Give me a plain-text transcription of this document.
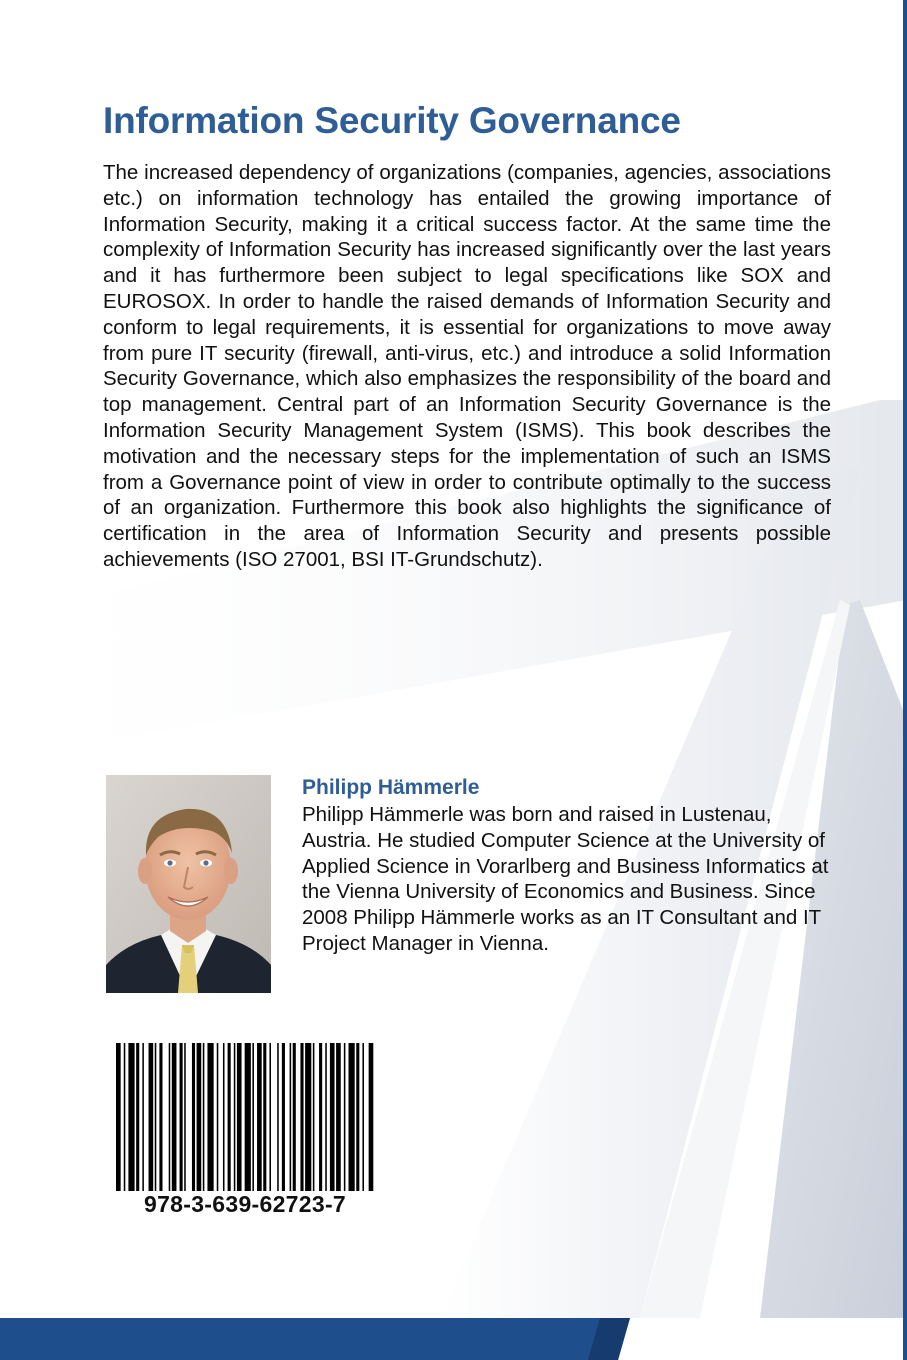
Information Security Governance

The increased dependency of organizations (companies, agencies, associations etc.) on information technology has entailed the growing importance of Information Security, making it a critical success factor. At the same time the complexity of Information Security has increased significantly over the last years and it has furthermore been subject to legal specifications like SOX and EUROSOX. In order to handle the raised demands of Information Security and conform to legal requirements, it is essential for organizations to move away from pure IT security (firewall, anti-virus, etc.) and introduce a solid Information Security Governance, which also emphasizes the responsibility of the board and top management. Central part of an Information Security Governance is the Information Security Management System (ISMS). This book describes the motivation and the necessary steps for the implementation of such an ISMS from a Governance point of view in order to contribute optimally to the success of an organization. Furthermore this book also highlights the significance of certification in the area of Information Security and presents possible achievements (ISO 27001, BSI IT-Grundschutz).

Philipp Hämmerle

Philipp Hämmerle was born and raised in Lustenau, Austria. He studied Computer Science at the University of Applied Science in Vorarlberg and Business Informatics at the Vienna University of Economics and Business. Since 2008 Philipp Hämmerle works as an IT Consultant and IT Project Manager in Vienna.

978-3-639-62723-7
